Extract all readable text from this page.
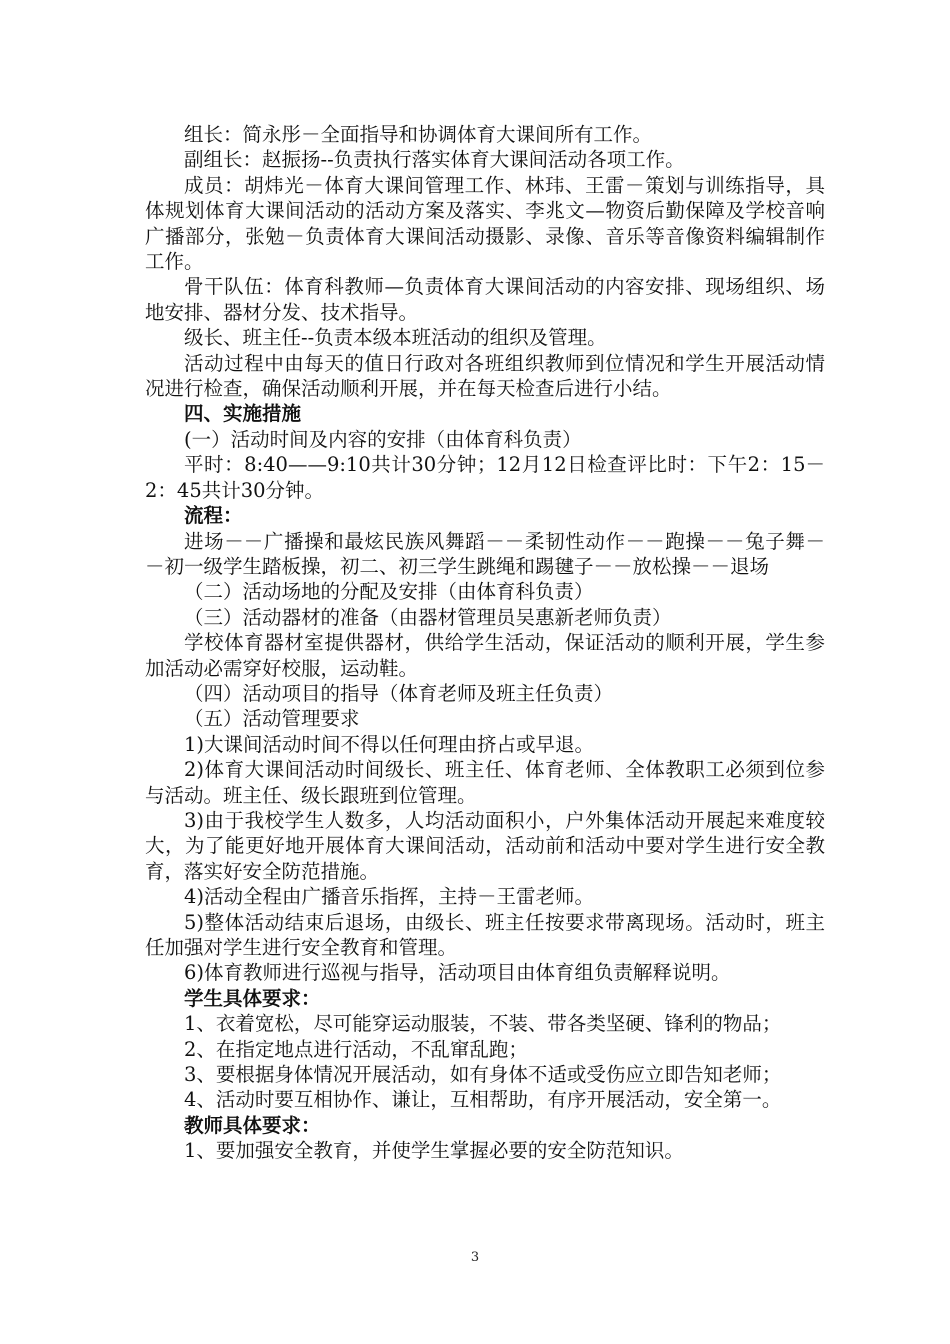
组长：简永彤－全面指导和协调体育大课间所有工作。

副组长：赵振扬--负责执行落实体育大课间活动各项工作。

成员：胡炜光－体育大课间管理工作、林玮、王雷－策划与训练指导，具体规划体育大课间活动的活动方案及落实、李兆文—物资后勤保障及学校音响广播部分，张勉－负责体育大课间活动摄影、录像、音乐等音像资料编辑制作工作。

骨干队伍：体育科教师—负责体育大课间活动的内容安排、现场组织、场地安排、器材分发、技术指导。

级长、班主任--负责本级本班活动的组织及管理。

活动过程中由每天的值日行政对各班组织教师到位情况和学生开展活动情况进行检查，确保活动顺利开展，并在每天检查后进行小结。

四、实施措施

(一）活动时间及内容的安排（由体育科负责）

平时：8:40——9:10共计30分钟；12月12日检查评比时：下午2：15－2：45共计30分钟。

流程：

进场－－广播操和最炫民族风舞蹈－－柔韧性动作－－跑操－－兔子舞－－初一级学生踏板操，初二、初三学生跳绳和踢毽子－－放松操－－退场

（二）活动场地的分配及安排（由体育科负责）

（三）活动器材的准备（由器材管理员吴惠新老师负责）

学校体育器材室提供器材，供给学生活动，保证活动的顺利开展，学生参加活动必需穿好校服，运动鞋。

（四）活动项目的指导（体育老师及班主任负责）

（五）活动管理要求

1)大课间活动时间不得以任何理由挤占或早退。

2)体育大课间活动时间级长、班主任、体育老师、全体教职工必须到位参与活动。班主任、级长跟班到位管理。

3)由于我校学生人数多，人均活动面积小，户外集体活动开展起来难度较大，为了能更好地开展体育大课间活动，活动前和活动中要对学生进行安全教育，落实好安全防范措施。

4)活动全程由广播音乐指挥，主持－王雷老师。

5)整体活动结束后退场，由级长、班主任按要求带离现场。活动时，班主任加强对学生进行安全教育和管理。

6)体育教师进行巡视与指导，活动项目由体育组负责解释说明。

学生具体要求：

1、衣着宽松，尽可能穿运动服装，不装、带各类坚硬、锋利的物品；

2、在指定地点进行活动，不乱窜乱跑；

3、要根据身体情况开展活动，如有身体不适或受伤应立即告知老师；

4、活动时要互相协作、谦让，互相帮助，有序开展活动，安全第一。

教师具体要求：

1、要加强安全教育，并使学生掌握必要的安全防范知识。

3
